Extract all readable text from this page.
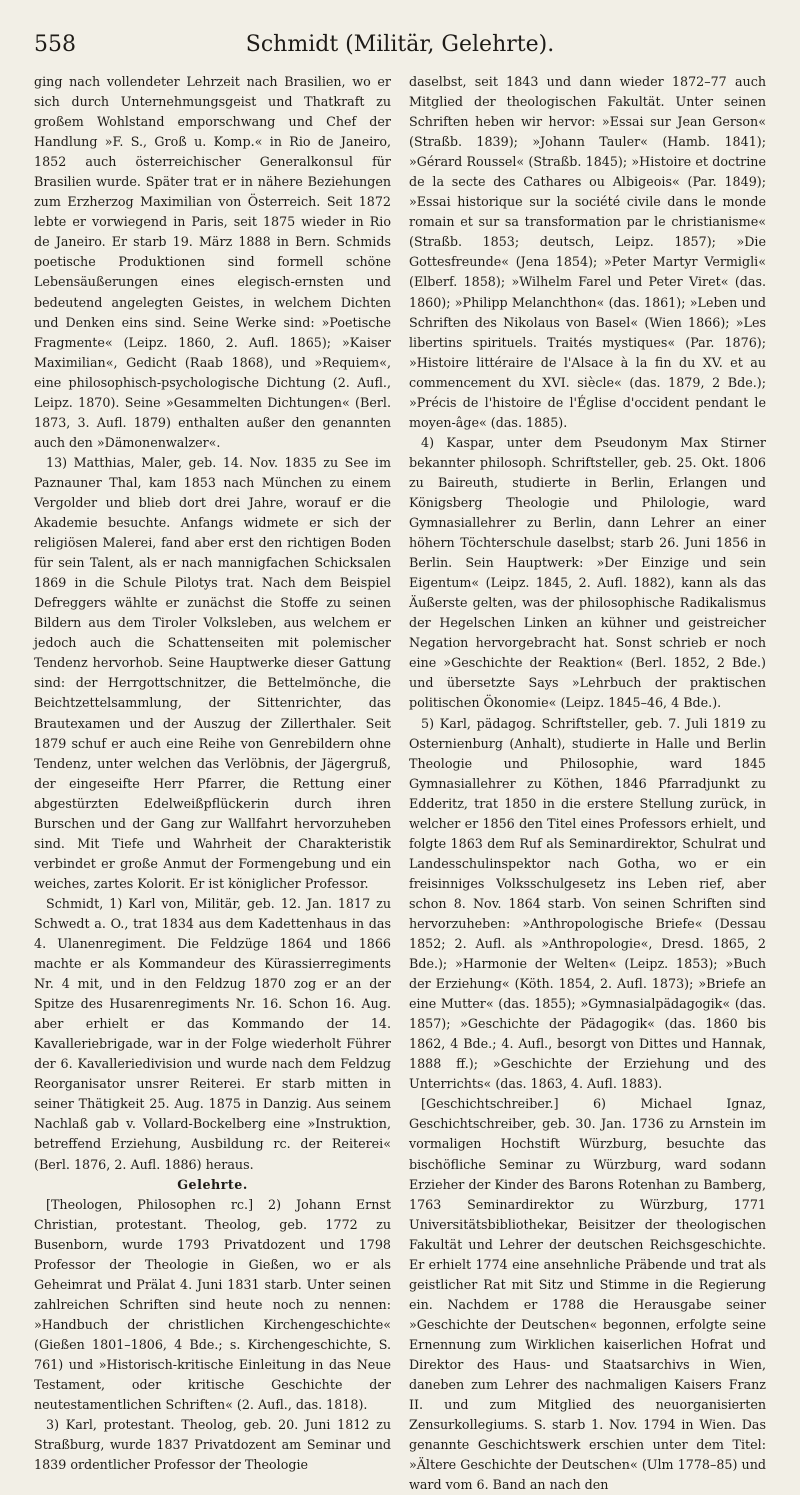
558	Schmidt (Militär, Gelehrte).

ging nach vollendeter Lehrzeit nach Brasilien, wo er sich durch Unternehmungsgeist und Thatkraft zu großem Wohlstand emporschwang und Chef der Handlung »F. S., Groß u. Komp.« in Rio de Janeiro, 1852 auch österreichischer Generalkonsul für Brasilien wurde. Später trat er in nähere Beziehungen zum Erzherzog Maximilian von Österreich. Seit 1872 lebte er vorwiegend in Paris, seit 1875 wieder in Rio de Janeiro. Er starb 19. März 1888 in Bern. Schmids poetische Produktionen sind formell schöne Lebensäußerungen eines elegisch-ernsten und bedeutend angelegten Geistes, in welchem Dichten und Denken eins sind. Seine Werke sind: »Poetische Fragmente« (Leipz. 1860, 2. Aufl. 1865); »Kaiser Maximilian«, Gedicht (Raab 1868), und »Requiem«, eine philosophisch-psychologische Dichtung (2. Aufl., Leipz. 1870). Seine »Gesammelten Dichtungen« (Berl. 1873, 3. Aufl. 1879) enthalten außer den genannten auch den »Dämonenwalzer«.

13) Matthias, Maler, geb. 14. Nov. 1835 zu See im Paznauner Thal, kam 1853 nach München zu einem Vergolder und blieb dort drei Jahre, worauf er die Akademie besuchte. Anfangs widmete er sich der religiösen Malerei, fand aber erst den richtigen Boden für sein Talent, als er nach mannigfachen Schicksalen 1869 in die Schule Pilotys trat. Nach dem Beispiel Defreggers wählte er zunächst die Stoffe zu seinen Bildern aus dem Tiroler Volksleben, aus welchem er jedoch auch die Schattenseiten mit polemischer Tendenz hervorhob. Seine Hauptwerke dieser Gattung sind: der Herrgottschnitzer, die Bettelmönche, die Beichtzettelsammlung, der Sittenrichter, das Brautexamen und der Auszug der Zillerthaler. Seit 1879 schuf er auch eine Reihe von Genrebildern ohne Tendenz, unter welchen das Verlöbnis, der Jägergruß, der eingeseifte Herr Pfarrer, die Rettung einer abgestürzten Edelweißpflückerin durch ihren Burschen und der Gang zur Wallfahrt hervorzuheben sind. Mit Tiefe und Wahrheit der Charakteristik verbindet er große Anmut der Formengebung und ein weiches, zartes Kolorit. Er ist königlicher Professor.

Schmidt, 1) Karl von, Militär, geb. 12. Jan. 1817 zu Schwedt a. O., trat 1834 aus dem Kadettenhaus in das 4. Ulanenregiment. Die Feldzüge 1864 und 1866 machte er als Kommandeur des Kürassierregiments Nr. 4 mit, und in den Feldzug 1870 zog er an der Spitze des Husarenregiments Nr. 16. Schon 16. Aug. aber erhielt er das Kommando der 14. Kavalleriebrigade, war in der Folge wiederholt Führer der 6. Kavalleriedivision und wurde nach dem Feldzug Reorganisator unsrer Reiterei. Er starb mitten in seiner Thätigkeit 25. Aug. 1875 in Danzig. Aus seinem Nachlaß gab v. Vollard-Bockelberg eine »Instruktion, betreffend Erziehung, Ausbildung rc. der Reiterei« (Berl. 1876, 2. Aufl. 1886) heraus.

Gelehrte.

[Theologen, Philosophen rc.] 2) Johann Ernst Christian, protestant. Theolog, geb. 1772 zu Busenborn, wurde 1793 Privatdozent und 1798 Professor der Theologie in Gießen, wo er als Geheimrat und Prälat 4. Juni 1831 starb. Unter seinen zahlreichen Schriften sind heute noch zu nennen: »Handbuch der christlichen Kirchengeschichte« (Gießen 1801–1806, 4 Bde.; s. Kirchengeschichte, S. 761) und »Historisch-kritische Einleitung in das Neue Testament, oder kritische Geschichte der neutestamentlichen Schriften« (2. Aufl., das. 1818).

3) Karl, protestant. Theolog, geb. 20. Juni 1812 zu Straßburg, wurde 1837 Privatdozent am Seminar und 1839 ordentlicher Professor der Theologie

daselbst, seit 1843 und dann wieder 1872–77 auch Mitglied der theologischen Fakultät. Unter seinen Schriften heben wir hervor: »Essai sur Jean Gerson« (Straßb. 1839); »Johann Tauler« (Hamb. 1841); »Gérard Roussel« (Straßb. 1845); »Histoire et doctrine de la secte des Cathares ou Albigeois« (Par. 1849); »Essai historique sur la société civile dans le monde romain et sur sa transformation par le christianisme« (Straßb. 1853; deutsch, Leipz. 1857); »Die Gottesfreunde« (Jena 1854); »Peter Martyr Vermigli« (Elberf. 1858); »Wilhelm Farel und Peter Viret« (das. 1860); »Philipp Melanchthon« (das. 1861); »Leben und Schriften des Nikolaus von Basel« (Wien 1866); »Les libertins spirituels. Traités mystiques« (Par. 1876); »Histoire littéraire de l'Alsace à la fin du XV. et au commencement du XVI. siècle« (das. 1879, 2 Bde.); »Précis de l'histoire de l'Église d'occident pendant le moyen-âge« (das. 1885).

4) Kaspar, unter dem Pseudonym Max Stirner bekannter philosoph. Schriftsteller, geb. 25. Okt. 1806 zu Baireuth, studierte in Berlin, Erlangen und Königsberg Theologie und Philologie, ward Gymnasiallehrer zu Berlin, dann Lehrer an einer höhern Töchterschule daselbst; starb 26. Juni 1856 in Berlin. Sein Hauptwerk: »Der Einzige und sein Eigentum« (Leipz. 1845, 2. Aufl. 1882), kann als das Äußerste gelten, was der philosophische Radikalismus der Hegelschen Linken an kühner und geistreicher Negation hervorgebracht hat. Sonst schrieb er noch eine »Geschichte der Reaktion« (Berl. 1852, 2 Bde.) und übersetzte Says »Lehrbuch der praktischen politischen Ökonomie« (Leipz. 1845–46, 4 Bde.).

5) Karl, pädagog. Schriftsteller, geb. 7. Juli 1819 zu Osternienburg (Anhalt), studierte in Halle und Berlin Theologie und Philosophie, ward 1845 Gymnasiallehrer zu Köthen, 1846 Pfarradjunkt zu Edderitz, trat 1850 in die erstere Stellung zurück, in welcher er 1856 den Titel eines Professors erhielt, und folgte 1863 dem Ruf als Seminardirektor, Schulrat und Landesschulinspektor nach Gotha, wo er ein freisinniges Volksschulgesetz ins Leben rief, aber schon 8. Nov. 1864 starb. Von seinen Schriften sind hervorzuheben: »Anthropologische Briefe« (Dessau 1852; 2. Aufl. als »Anthropologie«, Dresd. 1865, 2 Bde.); »Harmonie der Welten« (Leipz. 1853); »Buch der Erziehung« (Köth. 1854, 2. Aufl. 1873); »Briefe an eine Mutter« (das. 1855); »Gymnasialpädagogik« (das. 1857); »Geschichte der Pädagogik« (das. 1860 bis 1862, 4 Bde.; 4. Aufl., besorgt von Dittes und Hannak, 1888 ff.); »Geschichte der Erziehung und des Unterrichts« (das. 1863, 4. Aufl. 1883).

[Geschichtschreiber.] 6) Michael Ignaz, Geschichtschreiber, geb. 30. Jan. 1736 zu Arnstein im vormaligen Hochstift Würzburg, besuchte das bischöfliche Seminar zu Würzburg, ward sodann Erzieher der Kinder des Barons Rotenhan zu Bamberg, 1763 Seminardirektor zu Würzburg, 1771 Universitätsbibliothekar, Beisitzer der theologischen Fakultät und Lehrer der deutschen Reichsgeschichte. Er erhielt 1774 eine ansehnliche Präbende und trat als geistlicher Rat mit Sitz und Stimme in die Regierung ein. Nachdem er 1788 die Herausgabe seiner »Geschichte der Deutschen« begonnen, erfolgte seine Ernennung zum Wirklichen kaiserlichen Hofrat und Direktor des Haus- und Staatsarchivs in Wien, daneben zum Lehrer des nachmaligen Kaisers Franz II. und zum Mitglied des neuorganisierten Zensurkollegiums. S. starb 1. Nov. 1794 in Wien. Das genannte Geschichtswerk erschien unter dem Titel: »Ältere Geschichte der Deutschen« (Ulm 1778–85) und ward vom 6. Band an nach den
